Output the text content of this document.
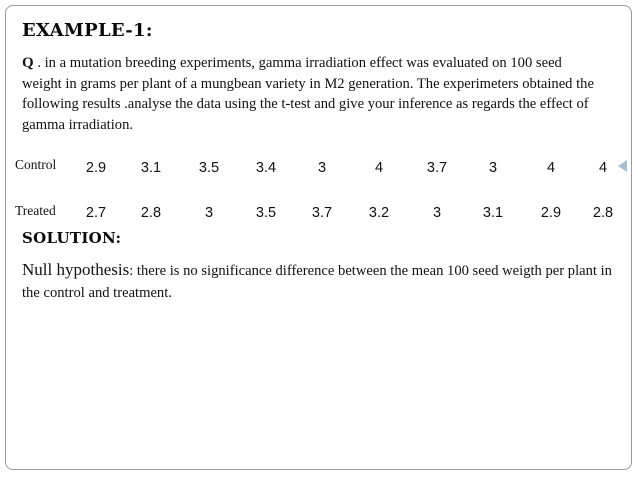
EXAMPLE-1:
Q . in a mutation breeding experiments, gamma irradiation effect was evaluated on 100 seed weight in grams per plant of a mungbean variety in M2 generation. The experimeters obtained the following results .analyse the data using the t-test and give your inference as regards the effect of gamma irradiation.
Control	2.9	3.1	3.5	3.4	3	4	3.7	3	4	4
Treated	2.7	2.8	3	3.5	3.7	3.2	3	3.1	2.9	2.8
SOLUTION:
Null hypothesis: there is no significance difference between the mean 100 seed weigth per plant in the control and treatment.
